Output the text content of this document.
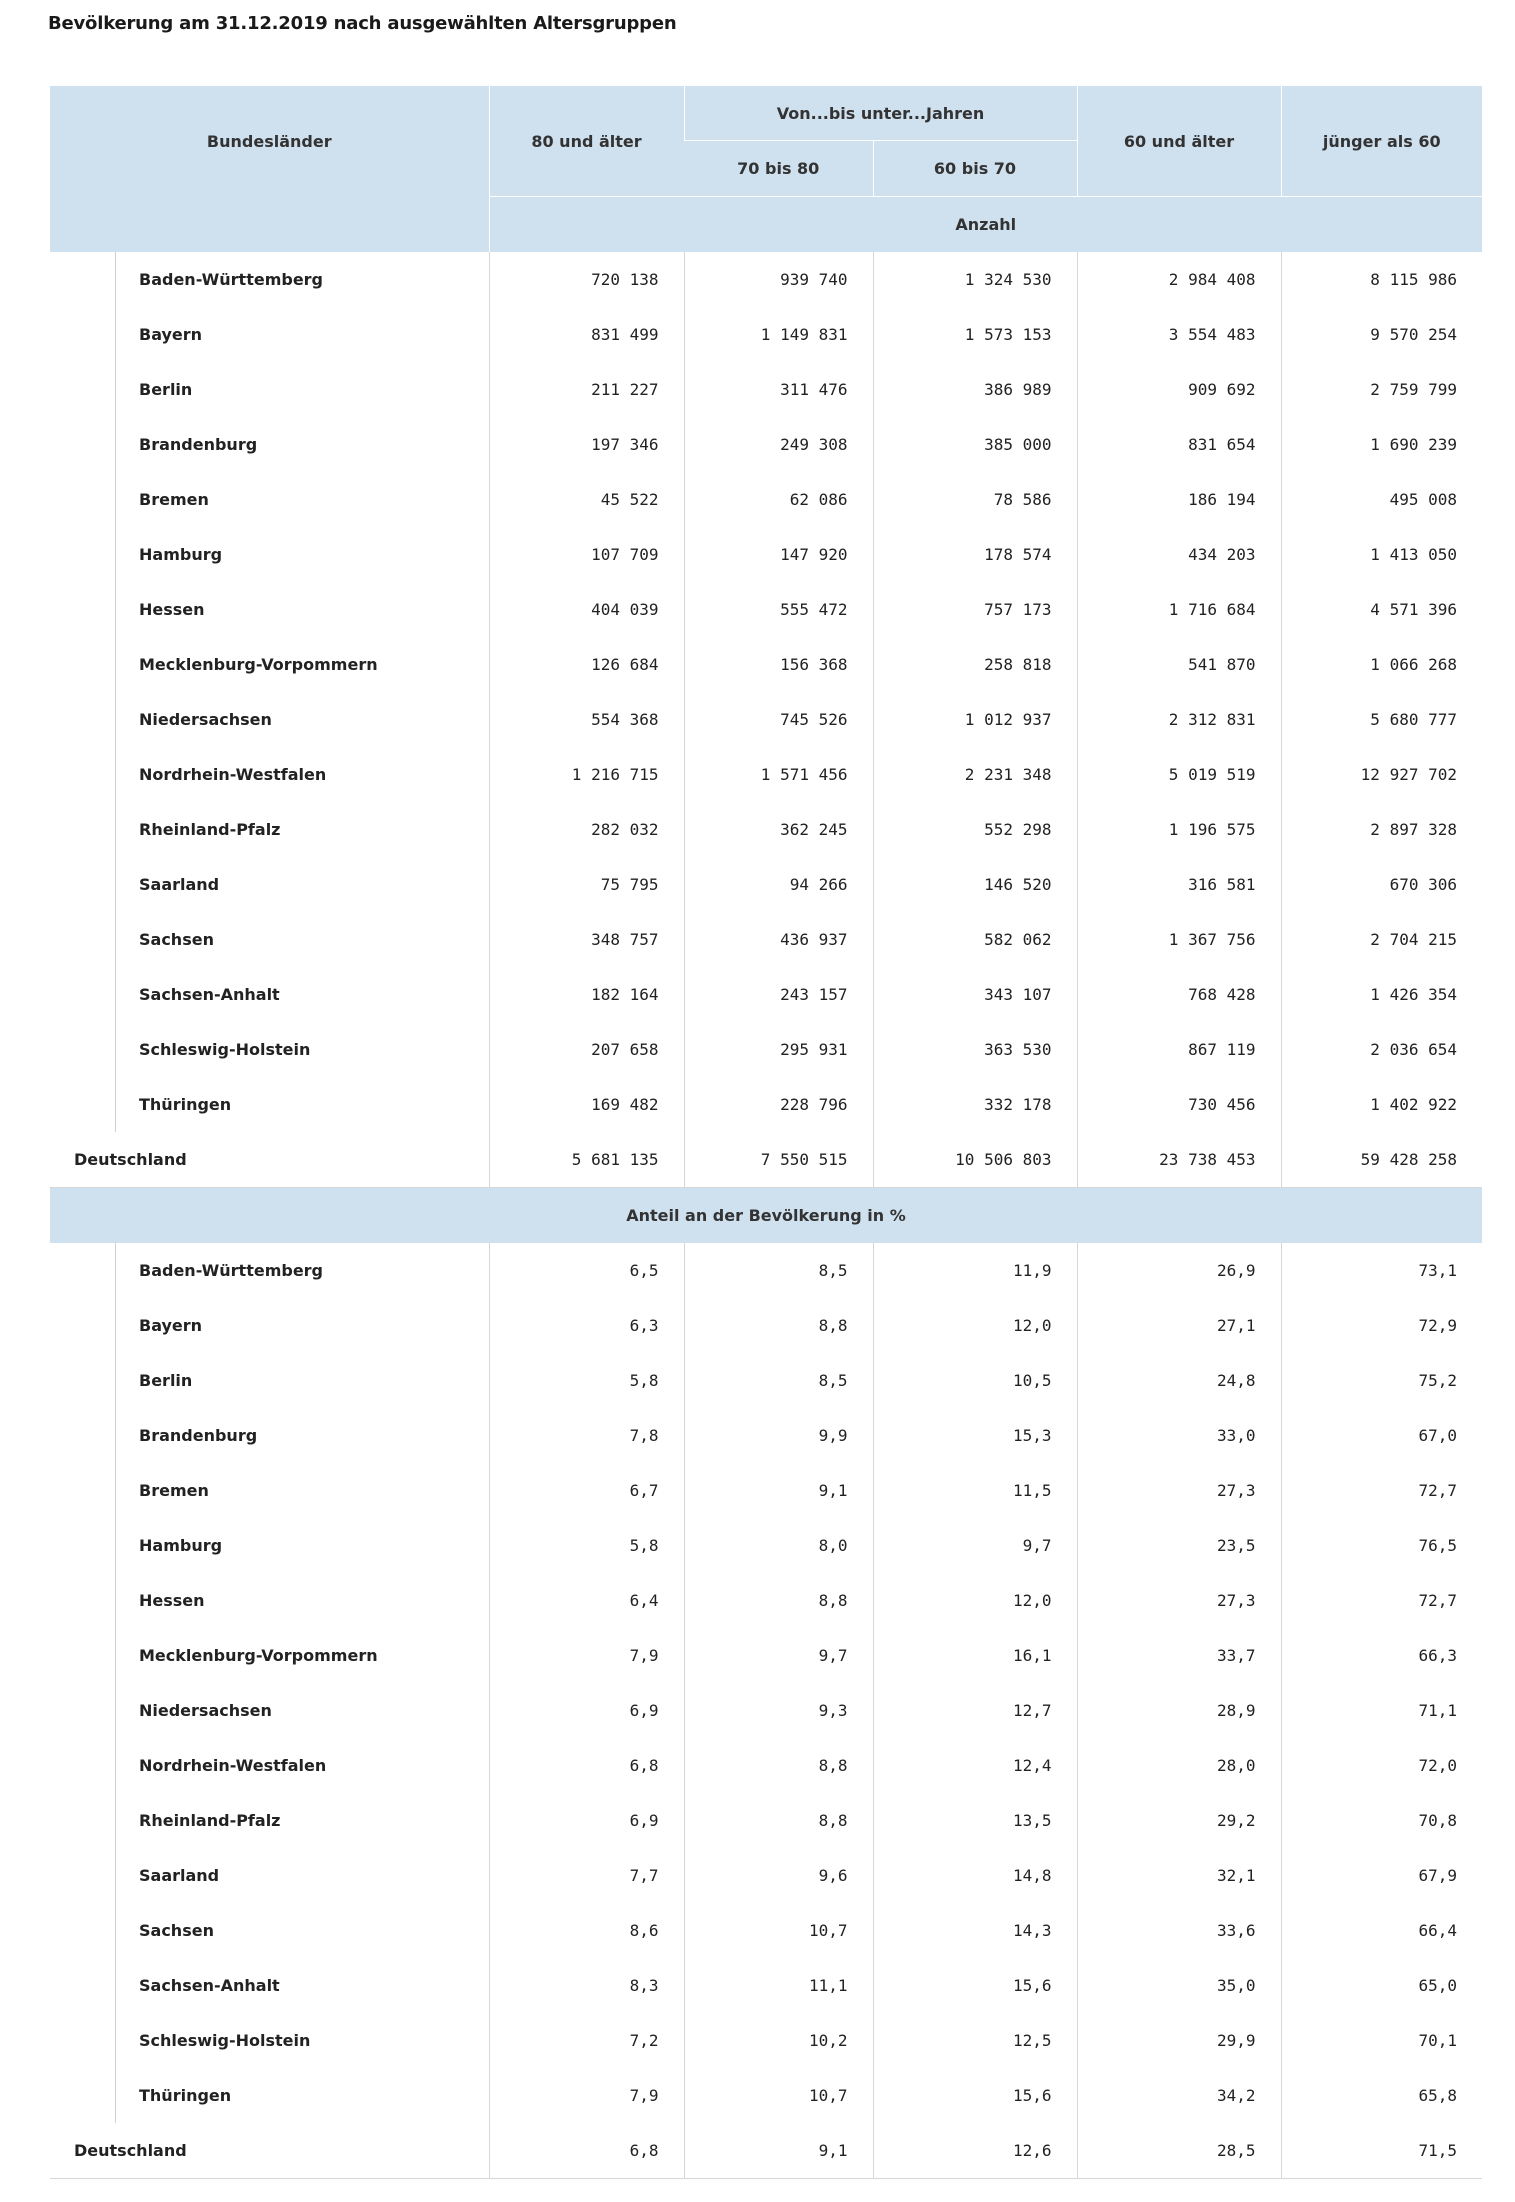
Bevölkerung am 31.12.2019 nach ausgewählten Altersgruppen
Bundesländer	80 und älter	Von...bis unter...Jahren		60 und älter	jünger als 60
		70 bis 80	60 bis 70		
	Anzahl				
Baden-Württemberg	720 138	939 740	1 324 530	2 984 408	8 115 986
Bayern	831 499	1 149 831	1 573 153	3 554 483	9 570 254
Berlin	211 227	311 476	386 989	909 692	2 759 799
Brandenburg	197 346	249 308	385 000	831 654	1 690 239
Bremen	45 522	62 086	78 586	186 194	495 008
Hamburg	107 709	147 920	178 574	434 203	1 413 050
Hessen	404 039	555 472	757 173	1 716 684	4 571 396
Mecklenburg-Vorpommern	126 684	156 368	258 818	541 870	1 066 268
Niedersachsen	554 368	745 526	1 012 937	2 312 831	5 680 777
Nordrhein-Westfalen	1 216 715	1 571 456	2 231 348	5 019 519	12 927 702
Rheinland-Pfalz	282 032	362 245	552 298	1 196 575	2 897 328
Saarland	75 795	94 266	146 520	316 581	670 306
Sachsen	348 757	436 937	582 062	1 367 756	2 704 215
Sachsen-Anhalt	182 164	243 157	343 107	768 428	1 426 354
Schleswig-Holstein	207 658	295 931	363 530	867 119	2 036 654
Thüringen	169 482	228 796	332 178	730 456	1 402 922
Deutschland	5 681 135	7 550 515	10 506 803	23 738 453	59 428 258
Anteil an der Bevölkerung in %					
Baden-Württemberg	6,5	8,5	11,9	26,9	73,1
Bayern	6,3	8,8	12,0	27,1	72,9
Berlin	5,8	8,5	10,5	24,8	75,2
Brandenburg	7,8	9,9	15,3	33,0	67,0
Bremen	6,7	9,1	11,5	27,3	72,7
Hamburg	5,8	8,0	9,7	23,5	76,5
Hessen	6,4	8,8	12,0	27,3	72,7
Mecklenburg-Vorpommern	7,9	9,7	16,1	33,7	66,3
Niedersachsen	6,9	9,3	12,7	28,9	71,1
Nordrhein-Westfalen	6,8	8,8	12,4	28,0	72,0
Rheinland-Pfalz	6,9	8,8	13,5	29,2	70,8
Saarland	7,7	9,6	14,8	32,1	67,9
Sachsen	8,6	10,7	14,3	33,6	66,4
Sachsen-Anhalt	8,3	11,1	15,6	35,0	65,0
Schleswig-Holstein	7,2	10,2	12,5	29,9	70,1
Thüringen	7,9	10,7	15,6	34,2	65,8
Deutschland	6,8	9,1	12,6	28,5	71,5
